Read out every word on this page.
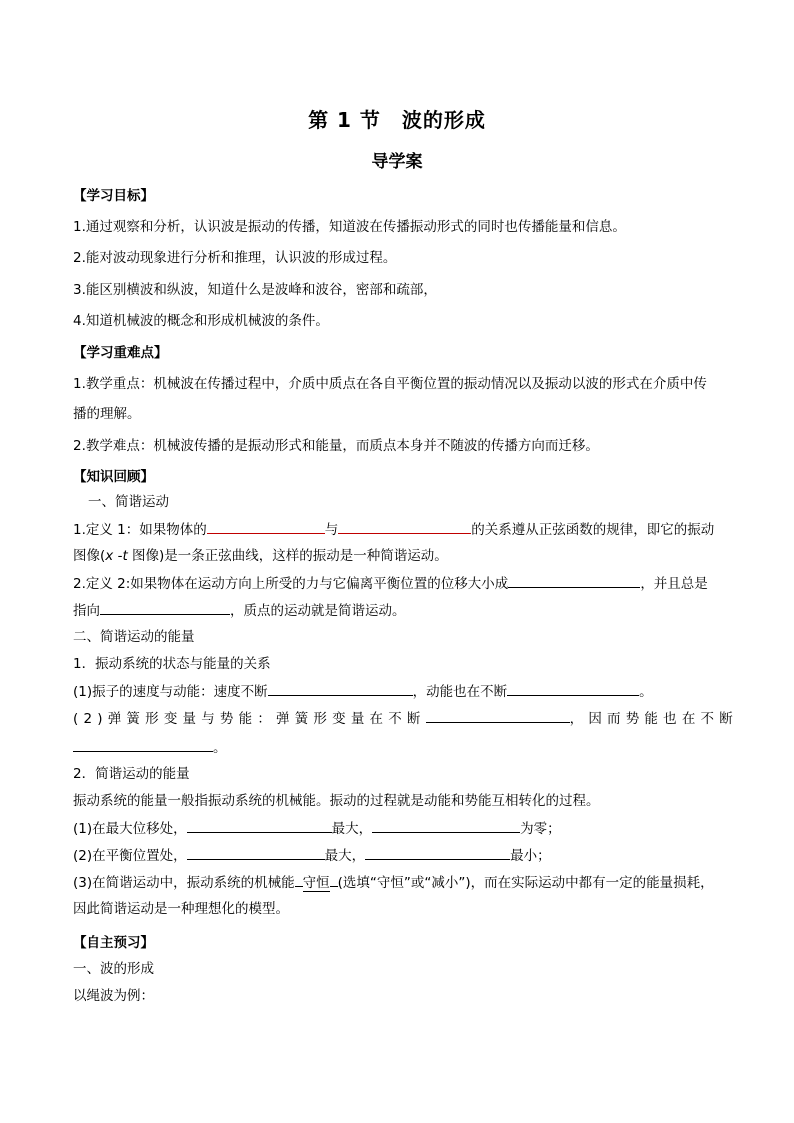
第 1 节　波的形成
导学案
【学习目标】
1.通过观察和分析，认识波是振动的传播，知道波在传播振动形式的同时也传播能量和信息。
2.能对波动现象进行分析和推理，认识波的形成过程。
3.能区别横波和纵波，知道什么是波峰和波谷，密部和疏部，
4.知道机械波的概念和形成机械波的条件。
【学习重难点】
1.教学重点：机械波在传播过程中，介质中质点在各自平衡位置的振动情况以及振动以波的形式在介质中传
播的理解。
2.教学难点：机械波传播的是振动形式和能量，而质点本身并不随波的传播方向而迁移。
【知识回顾】
一、简谐运动
1.定义 1：如果物体的	与	的关系遵从正弦函数的规律，即它的振动
图像(x -t 图像)是一条正弦曲线，这样的振动是一种简谐运动。
2.定义 2:如果物体在运动方向上所受的力与它偏离平衡位置的位移大小成	，并且总是
指向	，质点的运动就是简谐运动。
二、简谐运动的能量
1．振动系统的状态与能量的关系
(1)振子的速度与动能：速度不断	，动能也在不断	。
(2)弹簧形变量与势能：弹簧形变量在不断	，因而势能也在不断
。
2．简谐运动的能量
振动系统的能量一般指振动系统的机械能。振动的过程就是动能和势能互相转化的过程。
(1)在最大位移处，	最大，	为零；
(2)在平衡位置处，	最大，	最小；
(3)在简谐运动中，振动系统的机械能 守恒 (选填“守恒”或“减小”)，而在实际运动中都有一定的能量损耗，
因此简谐运动是一种理想化的模型。
【自主预习】
一、波的形成
以绳波为例：
